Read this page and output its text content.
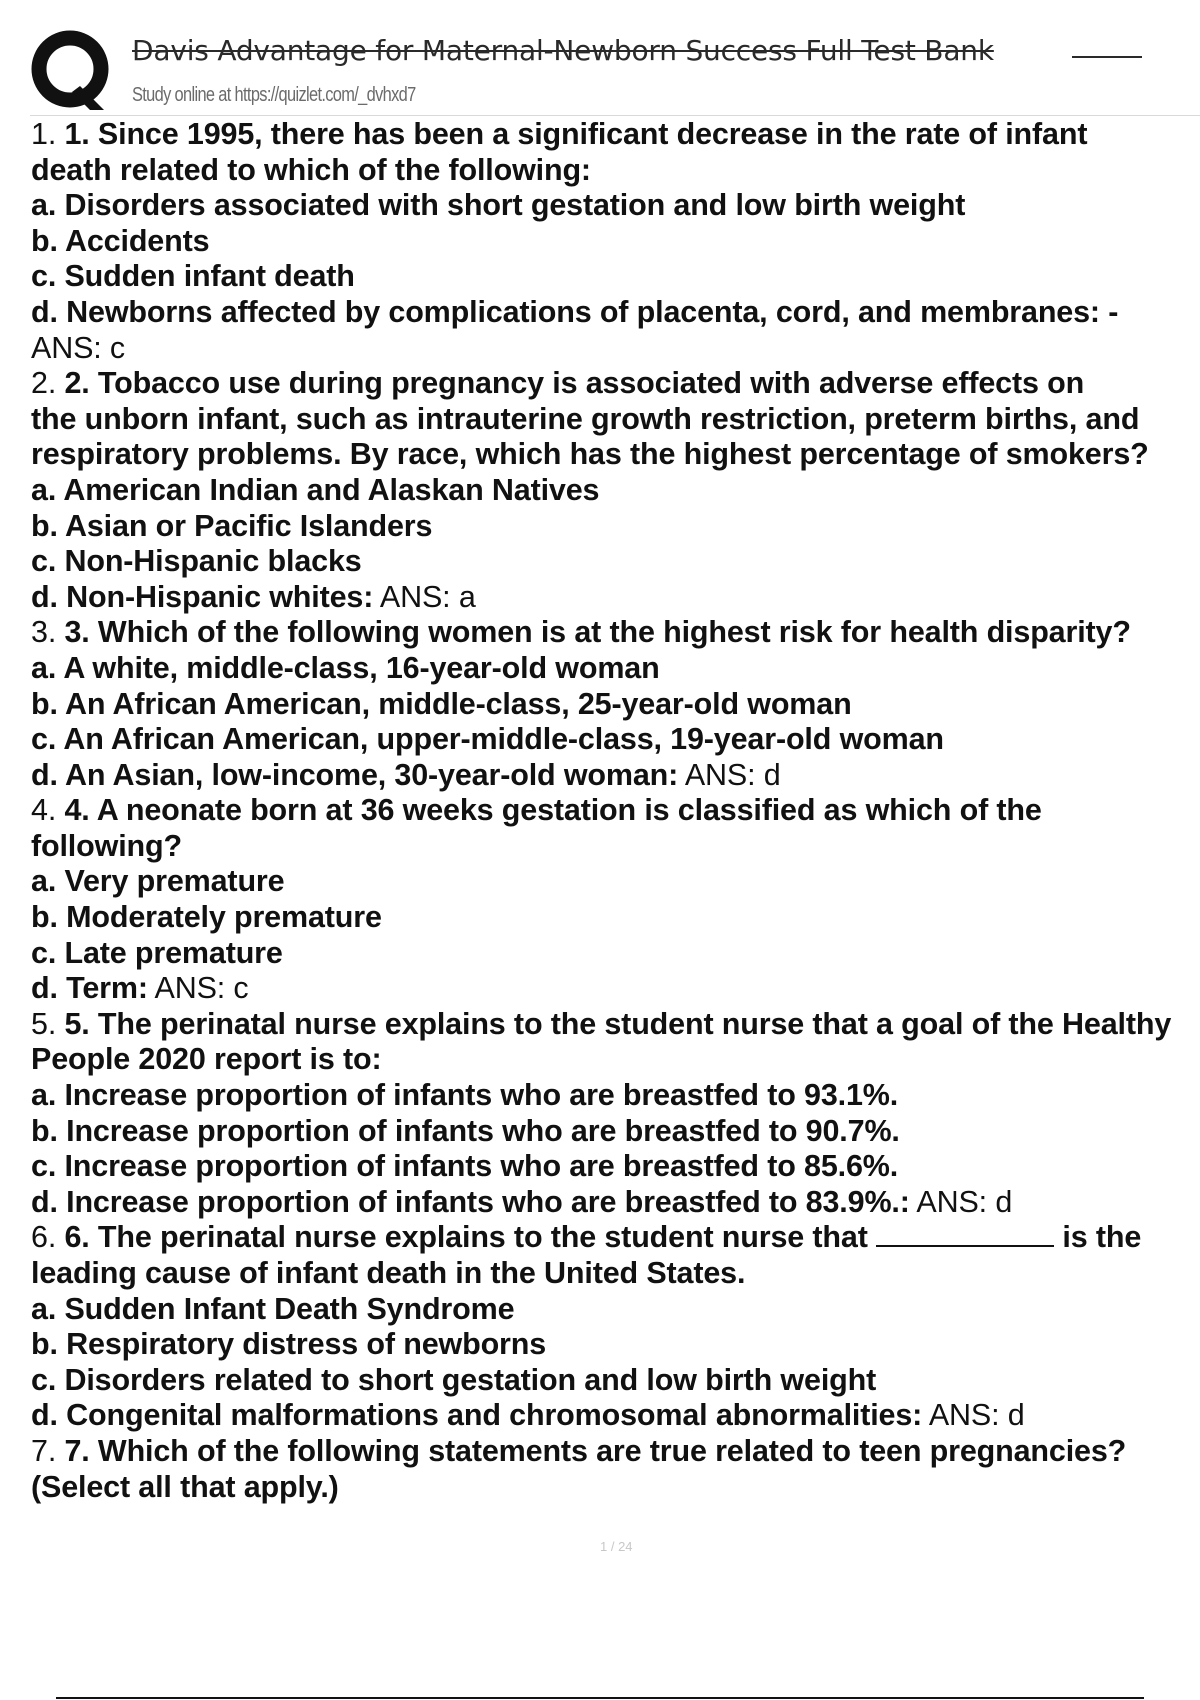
Davis Advantage for Maternal-Newborn Success Full Test Bank
Study online at https://quizlet.com/_dvhxd7
1. 1. Since 1995, there has been a significant decrease in the rate of infant
death related to which of the following:
a. Disorders associated with short gestation and low birth weight
b. Accidents
c. Sudden infant death
d. Newborns affected by complications of placenta, cord, and membranes: -
ANS: c
2. 2. Tobacco use during pregnancy is associated with adverse effects on
the unborn infant, such as intrauterine growth restriction, preterm births, and
respiratory problems. By race, which has the highest percentage of smokers?
a. American Indian and Alaskan Natives
b. Asian or Pacific Islanders
c. Non-Hispanic blacks
d. Non-Hispanic whites: ANS: a
3. 3. Which of the following women is at the highest risk for health disparity?
a. A white, middle-class, 16-year-old woman
b. An African American, middle-class, 25-year-old woman
c. An African American, upper-middle-class, 19-year-old woman
d. An Asian, low-income, 30-year-old woman: ANS: d
4. 4. A neonate born at 36 weeks gestation is classified as which of the
following?
a. Very premature
b. Moderately premature
c. Late premature
d. Term: ANS: c
5. 5. The perinatal nurse explains to the student nurse that a goal of the Healthy
People 2020 report is to:
a. Increase proportion of infants who are breastfed to 93.1%.
b. Increase proportion of infants who are breastfed to 90.7%.
c. Increase proportion of infants who are breastfed to 85.6%.
d. Increase proportion of infants who are breastfed to 83.9%.: ANS: d
6. 6. The perinatal nurse explains to the student nurse that	is the
leading cause of infant death in the United States.
a. Sudden Infant Death Syndrome
b. Respiratory distress of newborns
c. Disorders related to short gestation and low birth weight
d. Congenital malformations and chromosomal abnormalities: ANS: d
7. 7. Which of the following statements are true related to teen pregnancies?
(Select all that apply.)
1 / 24
